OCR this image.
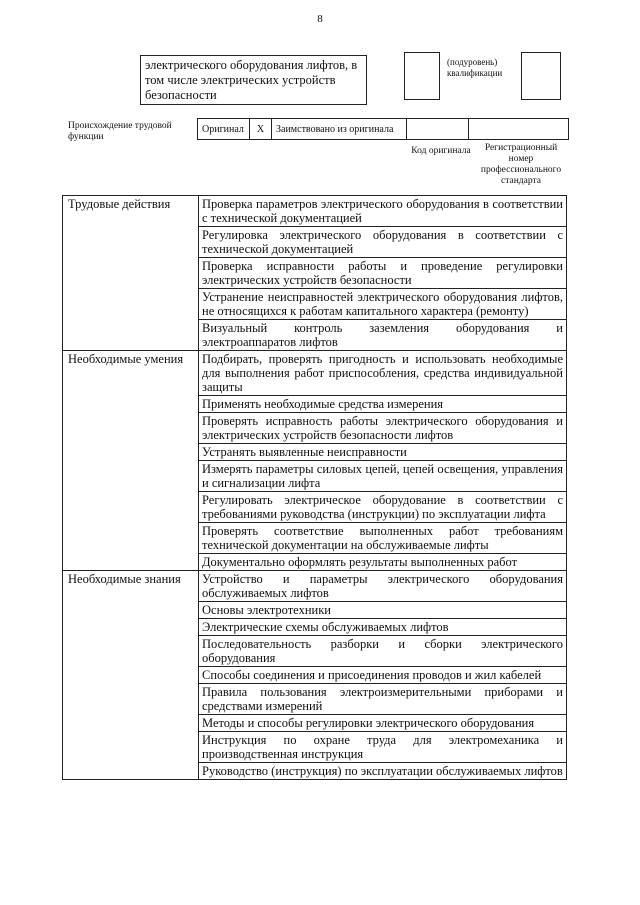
8
электрического оборудования лифтов, в том числе электрических устройств безопасности
(подуровень) квалификации
Происхождение трудовой функции
Оригинал	X	Заимствовано из оригинала
Код оригинала	Регистрационный номер профессионального стандарта
Трудовые действия	Проверка параметров электрического оборудования в соответствии с технической документацией
	Регулировка электрического оборудования в соответствии с технической документацией
	Проверка исправности работы и проведение регулировки электрических устройств безопасности
	Устранение неисправностей электрического оборудования лифтов, не относящихся к работам капитального характера (ремонту)
	Визуальный контроль заземления оборудования и электроаппаратов лифтов
Необходимые умения	Подбирать, проверять пригодность и использовать необходимые для выполнения работ приспособления, средства индивидуальной защиты
	Применять необходимые средства измерения
	Проверять исправность работы электрического оборудования и электрических устройств безопасности лифтов
	Устранять выявленные неисправности
	Измерять параметры силовых цепей, цепей освещения, управления и сигнализации лифта
	Регулировать электрическое оборудование в соответствии с требованиями руководства (инструкции) по эксплуатации лифта
	Проверять соответствие выполненных работ требованиям технической документации на обслуживаемые лифты
	Документально оформлять результаты выполненных работ
Необходимые знания	Устройство и параметры электрического оборудования обслуживаемых лифтов
	Основы электротехники
	Электрические схемы обслуживаемых лифтов
	Последовательность разборки и сборки электрического оборудования
	Способы соединения и присоединения проводов и жил кабелей
	Правила пользования электроизмерительными приборами и средствами измерений
	Методы и способы регулировки электрического оборудования
	Инструкция по охране труда для электромеханика и производственная инструкция
	Руководство (инструкция) по эксплуатации обслуживаемых лифтов
